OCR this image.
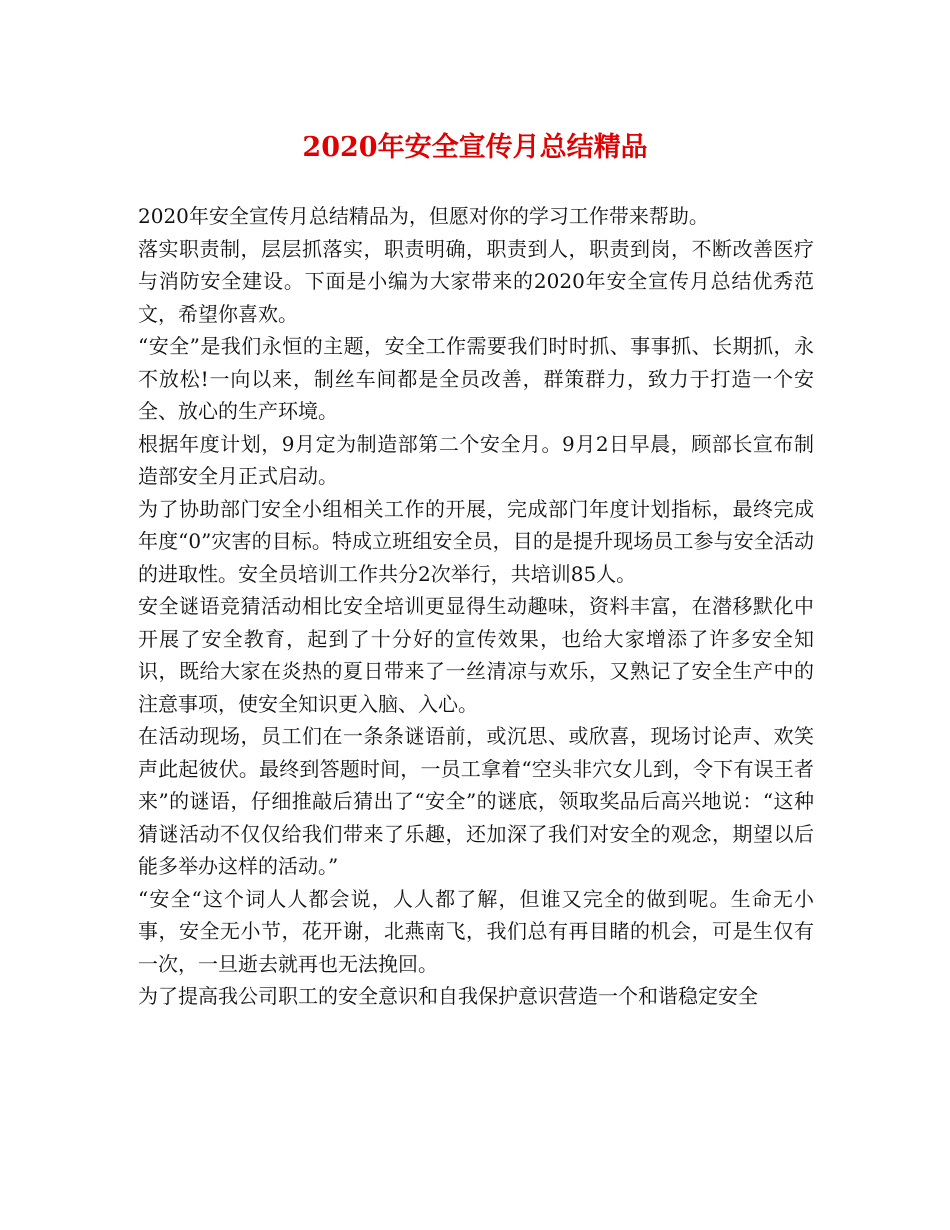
2020年安全宣传月总结精品

2020年安全宣传月总结精品为，但愿对你的学习工作带来帮助。

落实职责制，层层抓落实，职责明确，职责到人，职责到岗，不断改善医疗与消防安全建设。下面是小编为大家带来的2020年安全宣传月总结优秀范文，希望你喜欢。

“安全”是我们永恒的主题，安全工作需要我们时时抓、事事抓、长期抓，永不放松!一向以来，制丝车间都是全员改善，群策群力，致力于打造一个安全、放心的生产环境。

根据年度计划，9月定为制造部第二个安全月。9月2日早晨，顾部长宣布制造部安全月正式启动。

为了协助部门安全小组相关工作的开展，完成部门年度计划指标，最终完成年度“0”灾害的目标。特成立班组安全员，目的是提升现场员工参与安全活动的进取性。安全员培训工作共分2次举行，共培训85人。

安全谜语竞猜活动相比安全培训更显得生动趣味，资料丰富，在潜移默化中开展了安全教育，起到了十分好的宣传效果，也给大家增添了许多安全知识，既给大家在炎热的夏日带来了一丝清凉与欢乐，又熟记了安全生产中的注意事项，使安全知识更入脑、入心。

在活动现场，员工们在一条条谜语前，或沉思、或欣喜，现场讨论声、欢笑声此起彼伏。最终到答题时间，一员工拿着“空头非穴女儿到，令下有误王者来”的谜语，仔细推敲后猜出了“安全”的谜底，领取奖品后高兴地说：“这种猜谜活动不仅仅给我们带来了乐趣，还加深了我们对安全的观念，期望以后能多举办这样的活动。”

“安全“这个词人人都会说，人人都了解，但谁又完全的做到呢。生命无小事，安全无小节，花开谢，北燕南飞，我们总有再目睹的机会，可是生仅有一次，一旦逝去就再也无法挽回。

为了提高我公司职工的安全意识和自我保护意识营造一个和谐稳定安全
